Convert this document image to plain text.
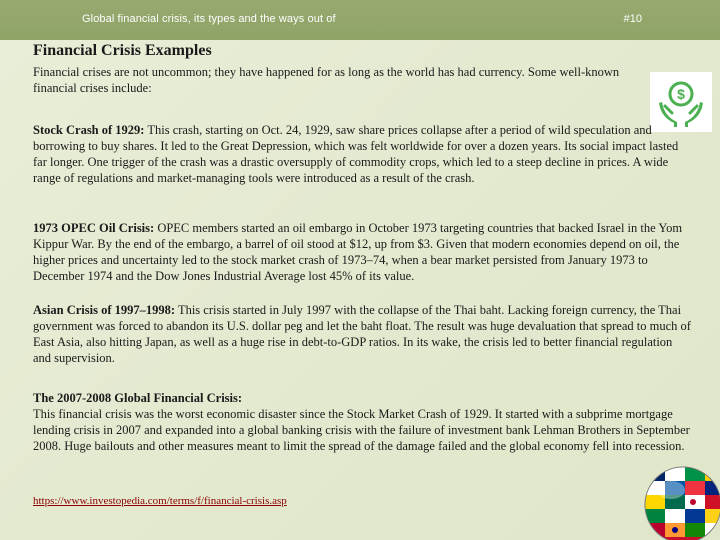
Global financial crisis, its types and the ways out of	#10
Financial Crisis Examples
Financial crises are not uncommon; they have happened for as long as the world has had currency. Some well-known financial crises include:	$
Stock Crash of 1929: This crash, starting on Oct. 24, 1929, saw share prices collapse after a period of wild speculation and borrowing to buy shares. It led to the Great Depression, which was felt worldwide for over a dozen years. Its social impact lasted far longer. One trigger of the crash was a drastic oversupply of commodity crops, which led to a steep decline in prices. A wide range of regulations and market-managing tools were introduced as a result of the crash.
1973 OPEC Oil Crisis: OPEC members started an oil embargo in October 1973 targeting countries that backed Israel in the Yom Kippur War. By the end of the embargo, a barrel of oil stood at $12, up from $3. Given that modern economies depend on oil, the higher prices and uncertainty led to the stock market crash of 1973–74, when a bear market persisted from January 1973 to December 1974 and the Dow Jones Industrial Average lost 45% of its value.
Asian Crisis of 1997–1998: This crisis started in July 1997 with the collapse of the Thai baht. Lacking foreign currency, the Thai government was forced to abandon its U.S. dollar peg and let the baht float. The result was huge devaluation that spread to much of East Asia, also hitting Japan, as well as a huge rise in debt-to-GDP ratios. In its wake, the crisis led to better financial regulation and supervision.
The 2007-2008 Global Financial Crisis:
This financial crisis was the worst economic disaster since the Stock Market Crash of 1929. It started with a subprime mortgage lending crisis in 2007 and expanded into a global banking crisis with the failure of investment bank Lehman Brothers in September 2008. Huge bailouts and other measures meant to limit the spread of the damage failed and the global economy fell into recession.
https://www.investopedia.com/terms/f/financial-crisis.asp
